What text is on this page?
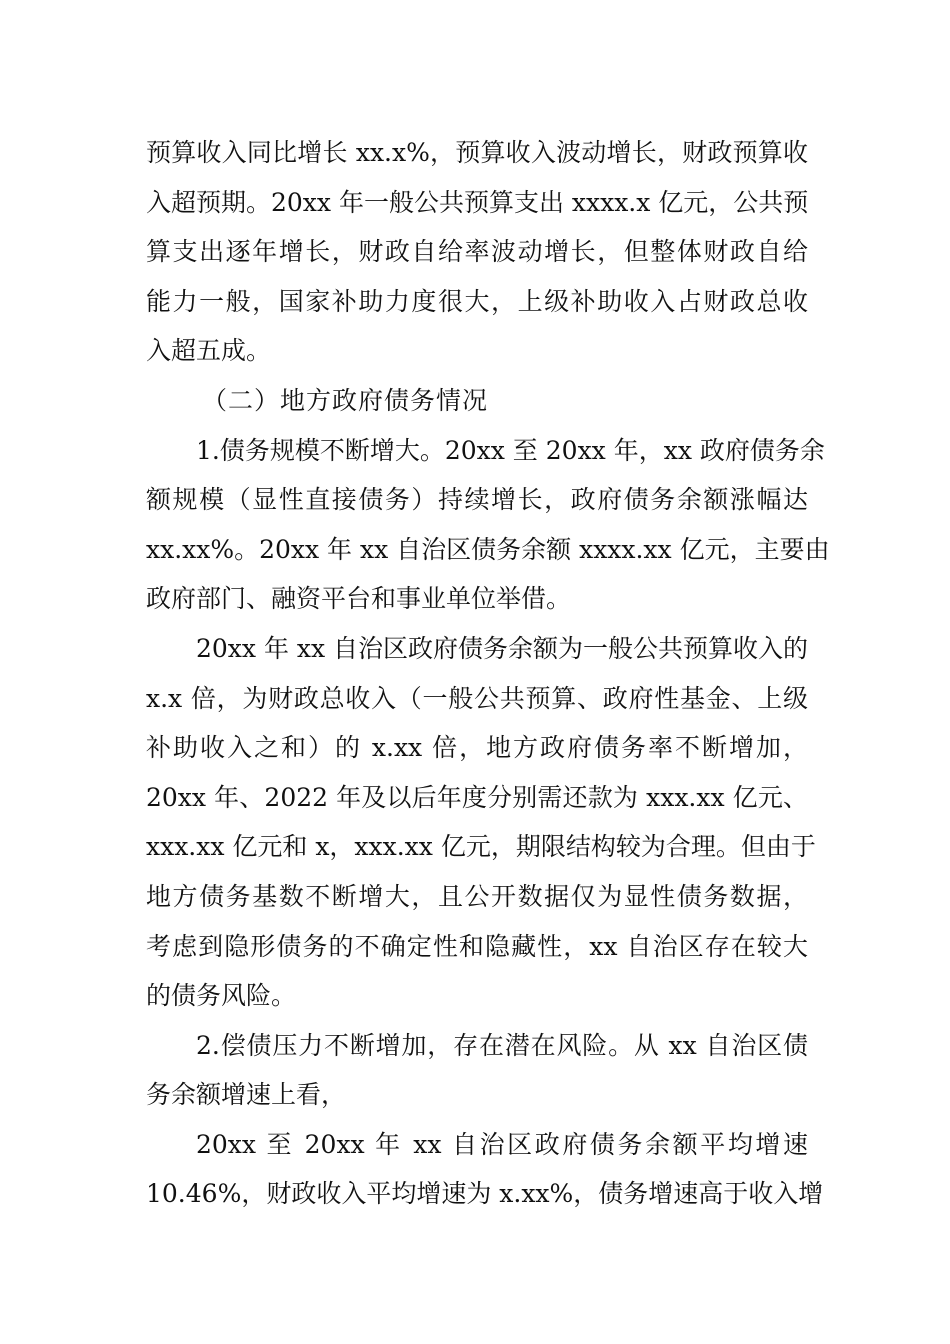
预算收入同比增长 xx.x%，预算收入波动增长，财政预算收
入超预期。20xx 年一般公共预算支出 xxxx.x 亿元，公共预
算支出逐年增长，财政自给率波动增长，但整体财政自给
能力一般，国家补助力度很大，上级补助收入占财政总收
入超五成。
（二）地方政府债务情况
1.债务规模不断增大。20xx 至 20xx 年，xx 政府债务余
额规模（显性直接债务）持续增长，政府债务余额涨幅达
xx.xx%。20xx 年 xx 自治区债务余额 xxxx.xx 亿元，主要由
政府部门、融资平台和事业单位举借。
20xx 年 xx 自治区政府债务余额为一般公共预算收入的
x.x 倍，为财政总收入（一般公共预算、政府性基金、上级
补助收入之和）的 x.xx 倍，地方政府债务率不断增加，
20xx 年、2022 年及以后年度分别需还款为 xxx.xx 亿元、
xxx.xx 亿元和 x，xxx.xx 亿元，期限结构较为合理。但由于
地方债务基数不断增大，且公开数据仅为显性债务数据，
考虑到隐形债务的不确定性和隐藏性，xx 自治区存在较大
的债务风险。
2.偿债压力不断增加，存在潜在风险。从 xx 自治区债
务余额增速上看，
20xx 至 20xx 年 xx 自治区政府债务余额平均增速
10.46%，财政收入平均增速为 x.xx%，债务增速高于收入增
